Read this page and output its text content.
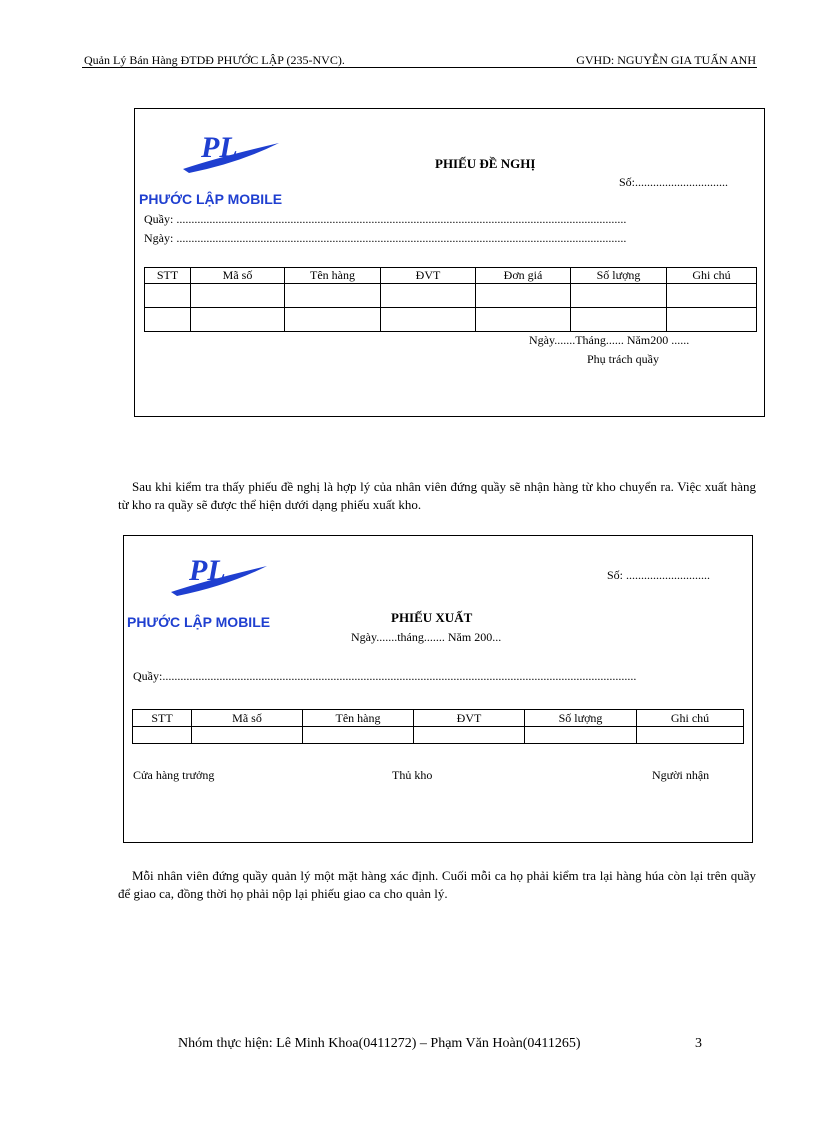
Quản Lý Bán Hàng ĐTDĐ PHƯỚC LẬP (235-NVC).	GVHD: NGUYỄN GIA TUẤN ANH
PL
PHƯỚC LẬP MOBILE
PHIẾU ĐỀ NGHỊ
Số:...............................
Quầy: ......................................................................................................................................................
Ngày: ......................................................................................................................................................
STT	Mã số	Tên hàng	ĐVT	Đơn giá	Số lượng	Ghi chú

Ngày.......Tháng...... Năm200 ......
Phụ trách quầy
Sau khi kiểm tra thấy phiếu đề nghị là hợp lý của nhân viên đứng quầy sẽ nhận hàng từ kho chuyển ra. Việc xuất hàng từ kho ra quầy sẽ được thể hiện dưới dạng phiếu xuất kho.
PL
PHƯỚC LẬP MOBILE
Số: ............................
PHIẾU XUẤT
Ngày.......tháng....... Năm 200...
Quầy:..............................................................................................................................................................
STT	Mã số	Tên hàng	ĐVT	Số lượng	Ghi chú

Cửa hàng trưởng	Thủ kho	Người nhận
Mỗi nhân viên đứng quầy quản lý một mặt hàng xác định. Cuối mỗi ca họ phải kiểm tra lại hàng húa còn lại trên quầy để giao ca, đồng thời họ phải nộp lại phiếu giao ca cho quản lý.
Nhóm thực hiện: Lê Minh Khoa(0411272) – Phạm Văn Hoàn(0411265)	3
